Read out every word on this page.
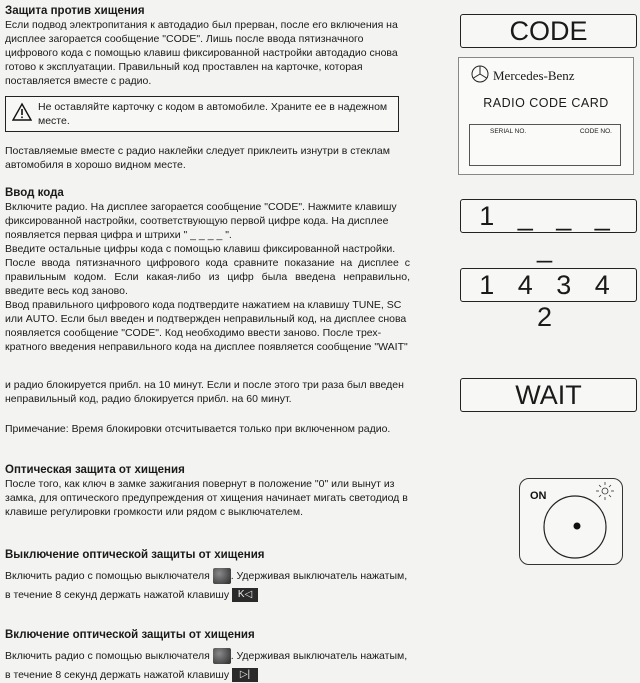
Защита против хищения

Если подвод электропитания к автодадио был прерван, после его включения на дисплее загорается сообщение "CODE". Лишь после ввода пятизначного цифрового кода с помощью клавиш фиксированной настройки автодадио снова готово к эксплуатации. Правильный код проставлен на карточке, которая поставляется вместе с радио.

Не оставляйте карточку с кодом в автомобиле. Храните ее в надежном месте.

Поставляемые вместе с радио наклейки следует приклеить изнутри в стеклам автомобиля в хорошо видном месте.

Ввод кода

Включите радио. На дисплее загорается сообщение "CODE". Нажмите клавишу фиксированной настройки, соответствующую первой цифре кода. На дисплее появляется первая цифра и штрихи " _ _ _ _ ".

Введите остальные цифры кода с помощью клавиш фиксированной настройки.

После ввода пятизначного цифрового кода сравните показание на дисплее с правильным кодом. Если какая-либо из цифр была введена неправильно, введите весь код заново.

Ввод правильного цифрового кода подтвердите нажатием на клавишу TUNE, SC или AUTO. Если был введен и подтвержден неправильный код, на дисплее снова появляется сообщение "CODE". Код необходимо ввести заново. После трех-кратного введения неправильного кода на дисплее появляется сообщение "WAIT"

и радио блокируется прибл. на 10 минут. Если и после этого три раза был введен неправильный код, радио блокируется прибл. на 60 минут.

Примечание: Время блокировки отсчитывается только при включенном радио.

Оптическая защита от хищения

После того, как ключ в замке зажигания повернут в положение "0" или вынут из замка, для оптического предупреждения от хищения начинает мигать светодиод в клавише регулировки громкости или рядом с выключателем.

Выключение оптической защиты от хищения

Включить радио с помощью выключателя . Удерживая выключатель нажатым,

в течение 8 секунд держать нажатой клавишу K◁

Включение оптической защиты от хищения

Включить радио с помощью выключателя . Удерживая выключатель нажатым,

в течение 8 секунд держать нажатой клавишу ▷|

CODE
Mercedes-Benz
RADIO CODE CARD
SERIAL NO.	CODE NO.
1 _ _ _ _
1 4 3 4 2
WAIT
ON
